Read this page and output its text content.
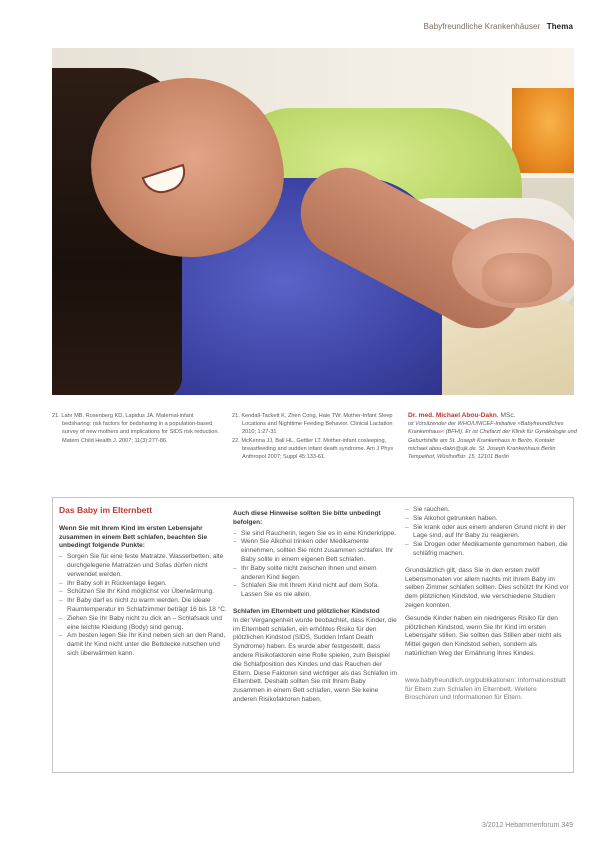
Babyfreundliche Krankenhäuser Thema

21. Lahr MB, Rosenberg KD, Lapidus JA. Maternal-infant bedsharing: risk factors for bedsharing in a population-based survey of new mothers and implications for SIDS risk reduction. Matern Child Health J. 2007; 11(3):277-86.

21. Kendall-Tackett K, Zhen Cong, Hale TW: Mother-Infant Sleep Locations and Nighttime Feeding Behavior. Clinical Lactation 2010; 1:27-31

22. McKenna JJ, Ball HL, Gettler LT. Mother-infant cosleeping, breastfeeding and sudden infant death syndrome. Am J Phys Anthropol 2007; Suppl 45:133-61.

Dr. med. Michael Abou-Dakn, MSc.
ist Vorsitzender der WHO/UNICEF-Initiative »Babyfreundliches Krankenhaus« (BFHI). Er ist Chefarzt der Klinik für Gynäkologie und Geburtshilfe am St. Joseph Krankenhaus in Berlin. Kontakt: michael.abou-dakn@sjk.de. St. Joseph Krankenhaus Berlin Tempelhof, Wüsthoffstr. 15, 12101 Berlin
Das Baby im Elternbett
Wenn Sie mit Ihrem Kind im ersten Lebensjahr zusammen in einem Bett schlafen, beachten Sie unbedingt folgende Punkte:
– Sorgen Sie für eine feste Matratze. Wasserbetten, alte durchgelegene Matratzen und Sofas dürfen nicht verwendet werden.
– Ihr Baby soll in Rückenlage liegen.
– Schützen Sie Ihr Kind möglichst vor Überwärmung.
– Ihr Baby darf es nicht zu warm werden. Die ideale Raumtemperatur im Schlafzimmer beträgt 16 bis 18 °C.
– Ziehen Sie Ihr Baby nicht zu dick an – Schlafsack und eine leichte Kleidung (Body) sind genug.
– Am besten legen Sie Ihr Kind neben sich an den Rand, damit Ihr Kind nicht unter die Bettdecke rutschen und sich überwärmen kann.
Auch diese Hinweise sollten Sie bitte unbedingt befolgen:
– Sie sind Raucherin, legen Sie es in eine Kinderkrippe.
– Wenn Sie Alkohol trinken oder Medikamente einnehmen, sollten Sie nicht zusammen schlafen. Ihr Baby sollte in einem eigenen Bett schlafen.
– Ihr Baby sollte nicht zwischen Ihnen und einem anderen Kind liegen.
– Schlafen Sie mit Ihrem Kind nicht auf dem Sofa. Lassen Sie es nie allein.
Schlafen im Elternbett und plötzlicher Kindstod
In der Vergangenheit wurde beobachtet, dass Kinder, die im Elternbett schlafen, ein erhöhtes Risiko für den plötzlichen Kindstod (SIDS, Sudden Infant Death Syndrome) haben. Es wurde aber festgestellt, dass andere Risikofaktoren eine Rolle spielen, zum Beispiel die Schlafposition des Kindes und das Rauchen der Eltern. Diese Faktoren sind wichtiger als das Schlafen im Elternbett. Deshalb sollten Sie mit Ihrem Baby zusammen in einem Bett schlafen, wenn Sie keine anderen Risikofaktoren haben.
– Sie rauchen.
– Sie Alkohol getrunken haben.
– Sie krank oder aus einem anderen Grund nicht in der Lage sind, auf Ihr Baby zu reagieren.
– Sie Drogen oder Medikamente genommen haben, die schläfrig machen.
Grundsätzlich gilt, dass Sie in den ersten zwölf Lebensmonaten vor allem nachts mit Ihrem Baby im selben Zimmer schlafen sollten. Dies schützt Ihr Kind vor dem plötzlichen Kindstod, wie verschiedene Studien zeigen konnten.
Gesunde Kinder haben ein niedrigeres Risiko für den plötzlichen Kindstod, wenn Sie Ihr Kind im ersten Lebensjahr stillen. Sie sollten das Stillen aber nicht als Mittel gegen den Kindstod sehen, sondern als natürlichen Weg der Ernährung Ihres Kindes.
www.babyfreundlich.org/publikationen: Informationsblatt für Eltern zum Schlafen im Elternbett. Weitere Broschüren und Informationen für Eltern.
3/2012 Hebammenforum 349
